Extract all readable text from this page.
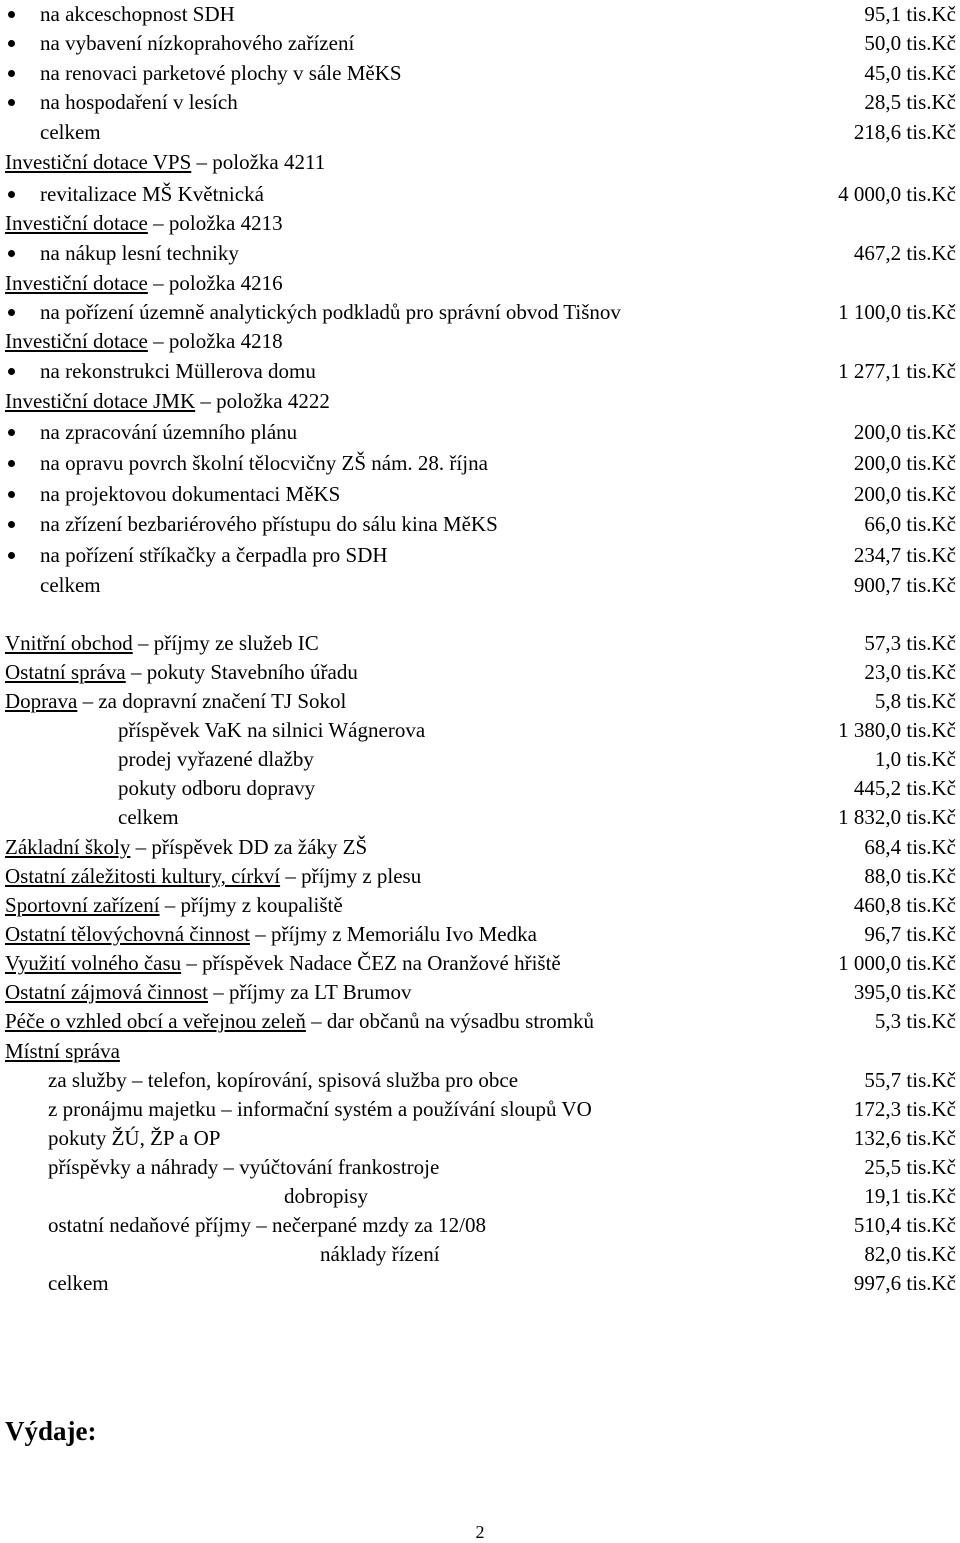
na akceschopnost SDH	95,1 tis.Kč
na vybavení nízkoprahového zařízení	50,0 tis.Kč
na renovaci parketové plochy v sále MěKS	45,0 tis.Kč
na hospodaření v lesích	28,5 tis.Kč
celkem	218,6 tis.Kč
Investiční dotace VPS – položka 4211
revitalizace MŠ Květnická	4 000,0 tis.Kč
Investiční dotace – položka 4213
na nákup lesní techniky	467,2 tis.Kč
Investiční dotace – položka 4216
na pořízení územně analytických podkladů pro správní obvod Tišnov	1 100,0 tis.Kč
Investiční dotace – položka 4218
na rekonstrukci Müllerova domu	1 277,1 tis.Kč
Investiční dotace JMK – položka 4222
na zpracování územního plánu	200,0 tis.Kč
na opravu povrch školní tělocvičny ZŠ nám. 28. října	200,0 tis.Kč
na projektovou dokumentaci MěKS	200,0 tis.Kč
na zřízení bezbariérového přístupu do sálu kina MěKS	66,0 tis.Kč
na pořízení stříkačky a čerpadla pro SDH	234,7 tis.Kč
celkem	900,7 tis.Kč
Vnitřní obchod – příjmy ze služeb IC	57,3 tis.Kč
Ostatní správa – pokuty Stavebního úřadu	23,0 tis.Kč
Doprava – za dopravní značení TJ Sokol	5,8 tis.Kč
příspěvek VaK na silnici Wágnerova	1 380,0 tis.Kč
prodej vyřazené dlažby	1,0 tis.Kč
pokuty odboru dopravy	445,2 tis.Kč
celkem	1 832,0 tis.Kč
Základní školy – příspěvek DD za žáky ZŠ	68,4 tis.Kč
Ostatní záležitosti kultury, církví – příjmy z plesu	88,0 tis.Kč
Sportovní zařízení – příjmy z koupaliště	460,8 tis.Kč
Ostatní tělovýchovná činnost – příjmy z Memoriálu Ivo Medka	96,7 tis.Kč
Využití volného času – příspěvek Nadace ČEZ na Oranžové hřiště	1 000,0 tis.Kč
Ostatní zájmová činnost – příjmy za LT Brumov	395,0 tis.Kč
Péče o vzhled obcí a veřejnou zeleň – dar občanů na výsadbu stromků	5,3 tis.Kč
Místní správa
za služby – telefon, kopírování, spisová služba pro obce	55,7 tis.Kč
z pronájmu majetku – informační systém a používání sloupů VO	172,3 tis.Kč
pokuty ŽÚ, ŽP a OP	132,6 tis.Kč
příspěvky a náhrady – vyúčtování frankostroje	25,5 tis.Kč
dobropisy	19,1 tis.Kč
ostatní nedaňové příjmy – nečerpané mzdy za 12/08	510,4 tis.Kč
náklady řízení	82,0 tis.Kč
celkem	997,6 tis.Kč
Výdaje:
2
